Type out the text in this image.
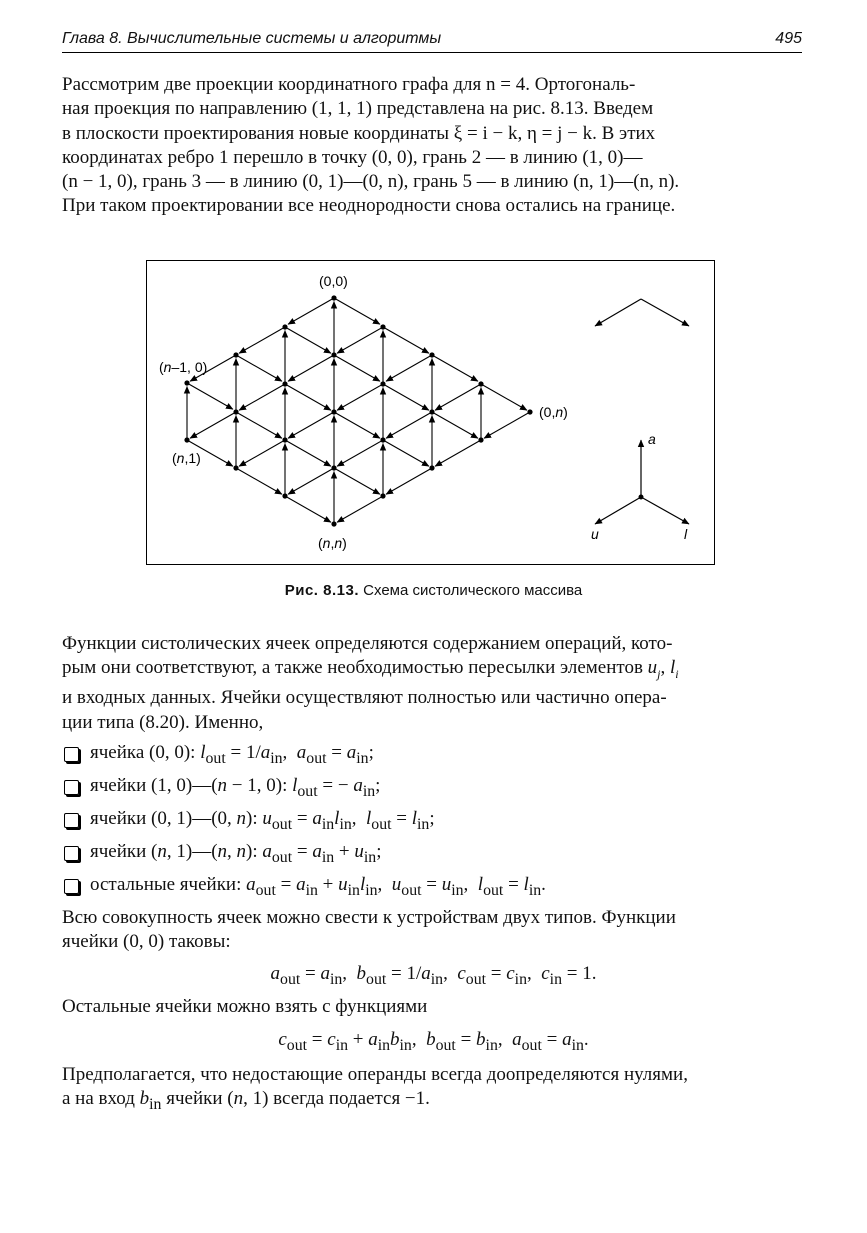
Глава 8. Вычислительные системы и алгоритмы	495
Рассмотрим две проекции координатного графа для n = 4. Ортогональ-
ная проекция по направлению (1, 1, 1) представлена на рис. 8.13. Введем
в плоскости проектирования новые координаты ξ = i − k, η = j − k. В этих
координатах ребро 1 перешло в точку (0, 0), грань 2 — в линию (1, 0)—
(n − 1, 0), грань 3 — в линию (0, 1)—(0, n), грань 5 — в линию (n, 1)—(n, n).
При таком проектировании все неоднородности снова остались на границе.
(0,0)
(n–1, 0)
(n,1)
(0,n)
(n,n)
a
u	l
Рис. 8.13. Схема систолического массива
Функции систолических ячеек определяются содержанием операций, кото-
рым они соответствуют, а также необходимостью пересылки элементов $u_j$, $l_i$
и входных данных. Ячейки осуществляют полностью или частично опера-
ции типа (8.20). Именно,
ячейка (0, 0): $l_{out} = 1/a_{in}$,  $a_{out} = a_{in}$;
ячейки (1, 0)—(n − 1, 0): $l_{out}$ = − $a_{in}$;
ячейки (0, 1)—(0, n): $u_{out} = a_{in}l_{in}$,  $l_{out} = l_{in}$;
ячейки (n, 1)—(n, n): $a_{out} = a_{in} + u_{in}$;
остальные ячейки: $a_{out} = a_{in} + u_{in}l_{in}$,  $u_{out} = u_{in}$,  $l_{out} = l_{in}$.
Всю совокупность ячеек можно свести к устройствам двух типов. Функции
ячейки (0, 0) таковы:
$a_{out} = a_{in}$,  $b_{out} = 1/a_{in}$,  $c_{out} = c_{in}$,  $c_{in} = 1$.
Остальные ячейки можно взять с функциями
$c_{out} = c_{in} + a_{in}b_{in}$,  $b_{out} = b_{in}$,  $a_{out} = a_{in}$.
Предполагается, что недостающие операнды всегда доопределяются нулями,
а на вход $b_{in}$ ячейки (n, 1) всегда подается −1.
